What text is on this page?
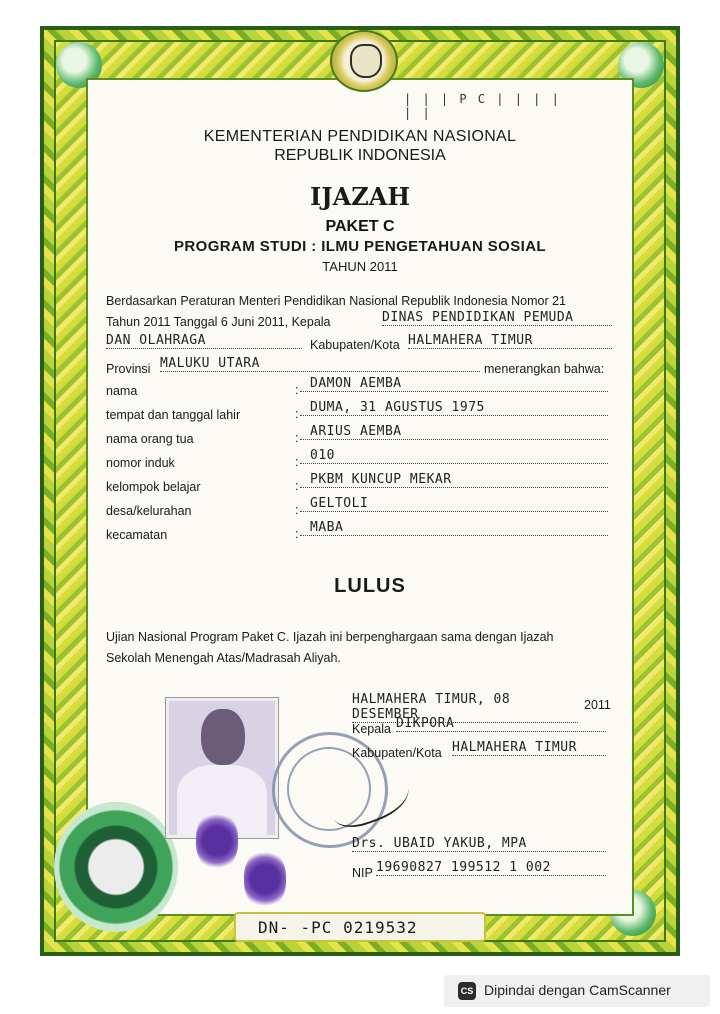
| | | P C | | | | | |
KEMENTERIAN PENDIDIKAN NASIONAL
REPUBLIK INDONESIA
IJAZAH
PAKET C
PROGRAM STUDI : ILMU PENGETAHUAN SOSIAL
TAHUN 2011
Berdasarkan Peraturan Menteri Pendidikan Nasional Republik Indonesia Nomor 21
Tahun 2011 Tanggal 6 Juni 2011, Kepala	DINAS PENDIDIKAN PEMUDA
DAN OLAHRAGA	Kabupaten/Kota HALMAHERA TIMUR
Provinsi MALUKU UTARA	menerangkan bahwa:
nama	: DAMON AEMBA
tempat dan tanggal lahir	: DUMA, 31 AGUSTUS 1975
nama orang tua	: ARIUS AEMBA
nomor induk	: 010
kelompok belajar	: PKBM KUNCUP MEKAR
desa/kelurahan	: GELTOLI
kecamatan	: MABA
LULUS
Ujian Nasional Program Paket C. Ijazah ini berpenghargaan sama dengan Ijazah
Sekolah Menengah Atas/Madrasah Aliyah.
HALMAHERA TIMUR, 08 DESEMBER
2011
Kepala DIKPORA
Kabupaten/Kota HALMAHERA TIMUR
Drs. UBAID YAKUB, MPA
NIP 19690827 199512 1 002
DN- -PC 0219532
CS Dipindai dengan CamScanner
